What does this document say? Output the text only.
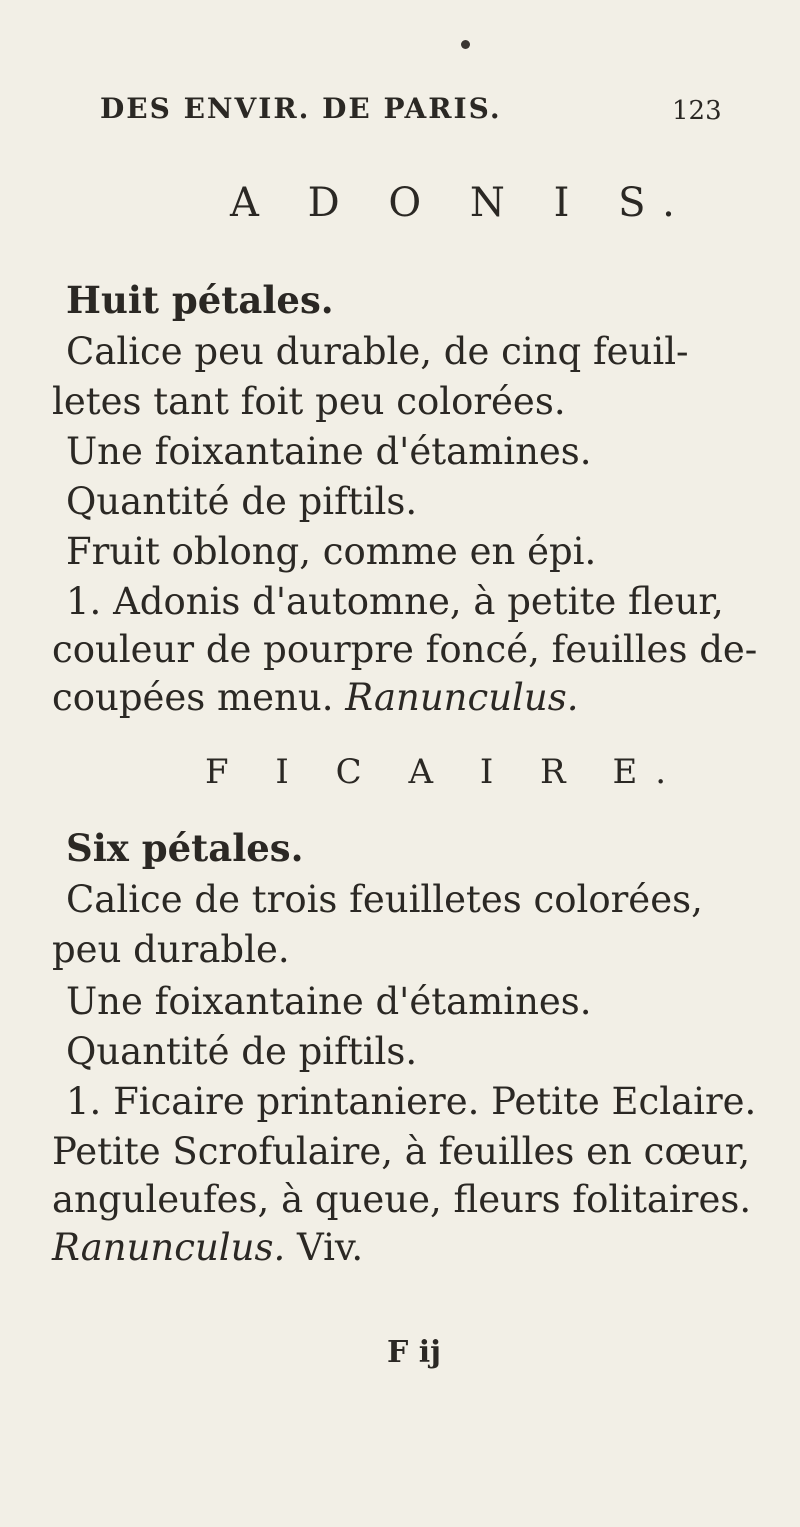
DES ENVIR. DE PARIS.	123
A D O N I S.
Huit pétales.
Calice peu durable, de cinq feuil-
letes tant foit peu colorées.
Une foixantaine d'étamines.
Quantité de piftils.
Fruit oblong, comme en épi.
1. Adonis d'automne, à petite fleur,
couleur de pourpre foncé, feuilles de-
coupées menu. Ranunculus.
F I C A I R E.
Six pétales.
Calice de trois feuilletes colorées,
peu durable.
Une foixantaine d'étamines.
Quantité de piftils.
1. Ficaire printaniere. Petite Eclaire.
Petite Scrofulaire, à feuilles en cœur,
anguleufes, à queue, fleurs folitaires.
Ranunculus. Viv.
F ij
